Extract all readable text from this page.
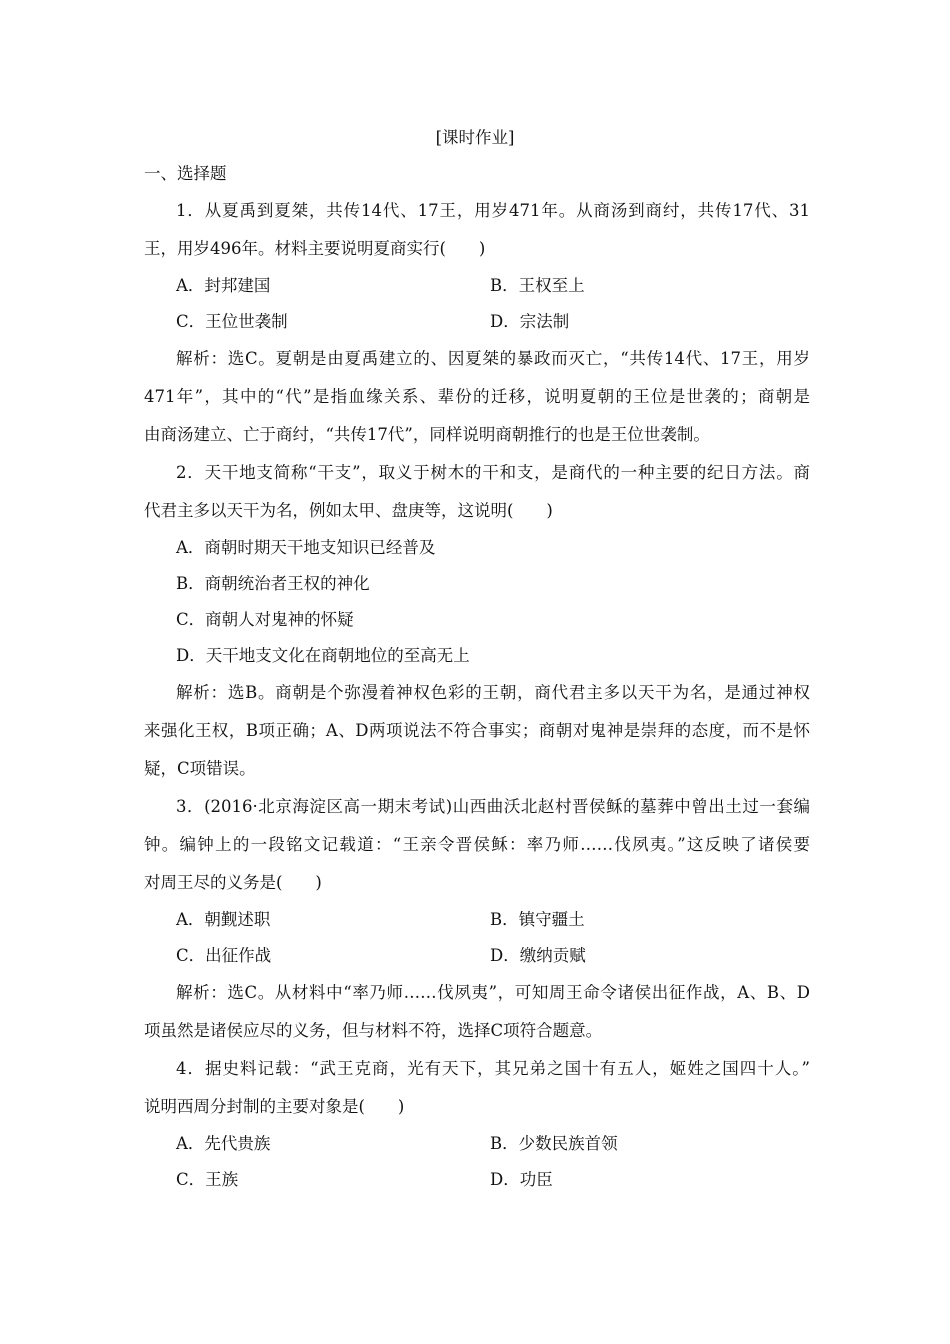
[课时作业]
一、选择题
1．从夏禹到夏桀，共传14代、17王，用岁471年。从商汤到商纣，共传17代、31
王，用岁496年。材料主要说明夏商实行(　　)
A．封邦建国	B．王权至上
C．王位世袭制	D．宗法制
解析：选C。夏朝是由夏禹建立的、因夏桀的暴政而灭亡，“共传14代、17王，用岁
471年”，其中的“代”是指血缘关系、辈份的迁移，说明夏朝的王位是世袭的；商朝是
由商汤建立、亡于商纣，“共传17代”，同样说明商朝推行的也是王位世袭制。
2．天干地支简称“干支”，取义于树木的干和支，是商代的一种主要的纪日方法。商
代君主多以天干为名，例如太甲、盘庚等，这说明(　　)
A．商朝时期天干地支知识已经普及
B．商朝统治者王权的神化
C．商朝人对鬼神的怀疑
D．天干地支文化在商朝地位的至高无上
解析：选B。商朝是个弥漫着神权色彩的王朝，商代君主多以天干为名，是通过神权
来强化王权，B项正确；A、D两项说法不符合事实；商朝对鬼神是崇拜的态度，而不是怀
疑，C项错误。
3．(2016·北京海淀区高一期末考试)山西曲沃北赵村晋侯稣的墓葬中曾出土过一套编
钟。编钟上的一段铭文记载道：“王亲令晋侯稣：率乃师……伐夙夷。”这反映了诸侯要
对周王尽的义务是(　　)
A．朝觐述职	B．镇守疆土
C．出征作战	D．缴纳贡赋
解析：选C。从材料中“率乃师……伐夙夷”，可知周王命令诸侯出征作战，A、B、D
项虽然是诸侯应尽的义务，但与材料不符，选择C项符合题意。
4．据史料记载：“武王克商，光有天下，其兄弟之国十有五人，姬姓之国四十人。”
说明西周分封制的主要对象是(　　)
A．先代贵族	B．少数民族首领
C．王族	D．功臣
